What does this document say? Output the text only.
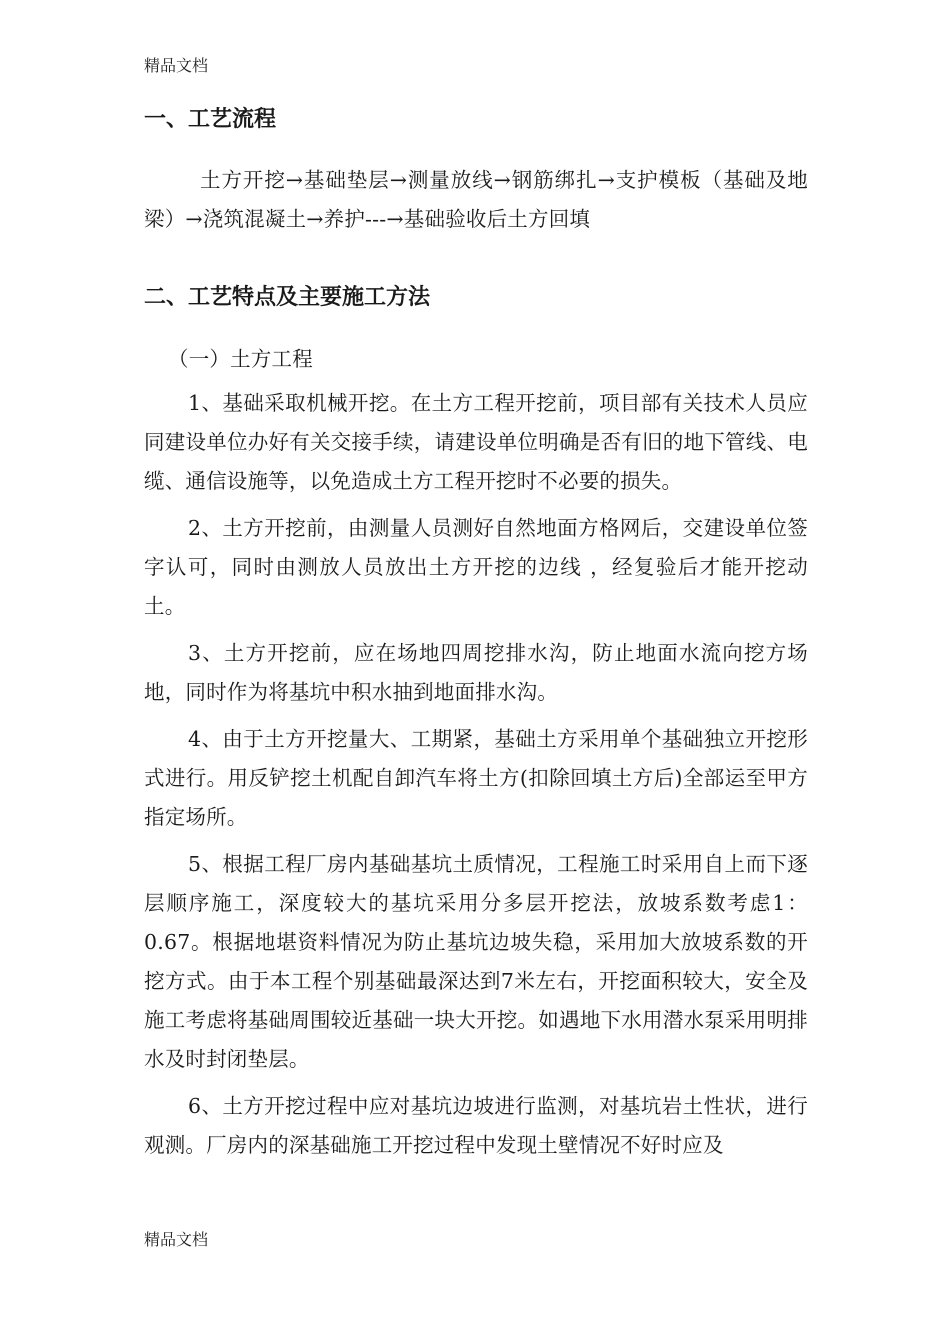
精品文档
一、工艺流程

土方开挖→基础垫层→测量放线→钢筋绑扎→支护模板（基础及地梁）→浇筑混凝土→养护---→基础验收后土方回填

二、工艺特点及主要施工方法

（一）土方工程

1、基础采取机械开挖。在土方工程开挖前，项目部有关技术人员应同建设单位办好有关交接手续，请建设单位明确是否有旧的地下管线、电缆、通信设施等，以免造成土方工程开挖时不必要的损失。

2、土方开挖前，由测量人员测好自然地面方格网后，交建设单位签字认可，同时由测放人员放出土方开挖的边线 ，经复验后才能开挖动土。

3、土方开挖前，应在场地四周挖排水沟，防止地面水流向挖方场地，同时作为将基坑中积水抽到地面排水沟。

4、由于土方开挖量大、工期紧，基础土方采用单个基础独立开挖形式进行。用反铲挖土机配自卸汽车将土方(扣除回填土方后)全部运至甲方指定场所。

5、根据工程厂房内基础基坑土质情况，工程施工时采用自上而下逐层顺序施工，深度较大的基坑采用分多层开挖法，放坡系数考虑1：0.67。根据地堪资料情况为防止基坑边坡失稳，采用加大放坡系数的开挖方式。由于本工程个别基础最深达到7米左右，开挖面积较大，安全及施工考虑将基础周围较近基础一块大开挖。如遇地下水用潜水泵采用明排水及时封闭垫层。

6、土方开挖过程中应对基坑边坡进行监测，对基坑岩土性状，进行观测。厂房内的深基础施工开挖过程中发现土壁情况不好时应及

精品文档
